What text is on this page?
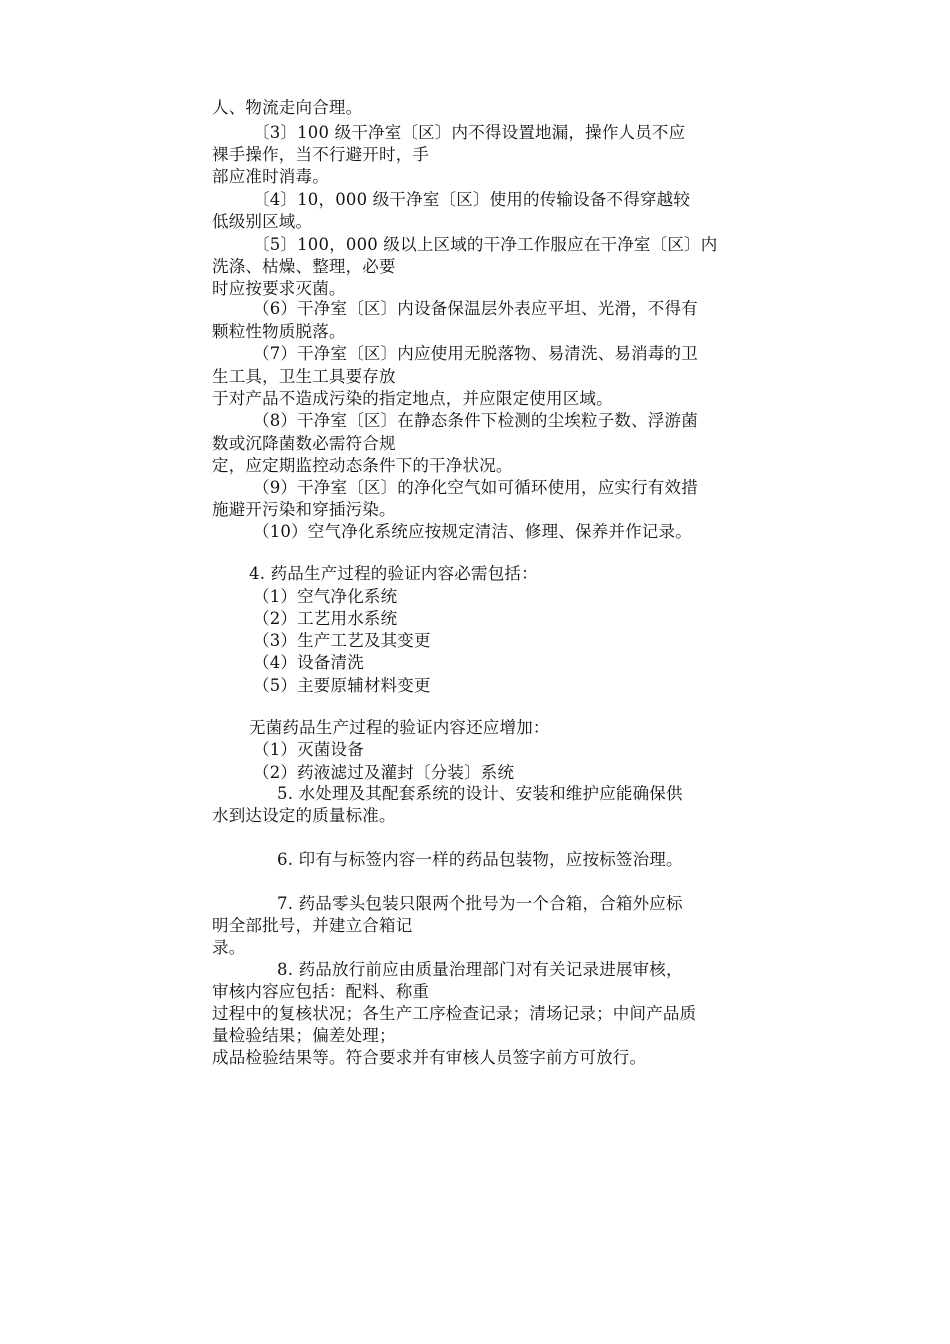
人、物流走向合理。
〔3〕100 级干净室〔区〕内不得设置地漏，操作人员不应
裸手操作，当不行避开时，手
部应准时消毒。
〔4〕10，000 级干净室〔区〕使用的传输设备不得穿越较
低级别区域。
〔5〕100，000 级以上区域的干净工作服应在干净室〔区〕内
洗涤、枯燥、整理，必要
时应按要求灭菌。
（6）干净室〔区〕内设备保温层外表应平坦、光滑，不得有
颗粒性物质脱落。
（7）干净室〔区〕内应使用无脱落物、易清洗、易消毒的卫
生工具，卫生工具要存放
于对产品不造成污染的指定地点，并应限定使用区域。
（8）干净室〔区〕在静态条件下检测的尘埃粒子数、浮游菌
数或沉降菌数必需符合规
定，应定期监控动态条件下的干净状况。
（9）干净室〔区〕的净化空气如可循环使用，应实行有效措
施避开污染和穿插污染。
（10）空气净化系统应按规定清洁、修理、保养并作记录。
4. 药品生产过程的验证内容必需包括：
（1）空气净化系统
（2）工艺用水系统
（3）生产工艺及其变更
（4）设备清洗
（5）主要原辅材料变更
无菌药品生产过程的验证内容还应增加：
（1）灭菌设备
（2）药液滤过及灌封〔分装〕系统
5. 水处理及其配套系统的设计、安装和维护应能确保供
水到达设定的质量标准。
6. 印有与标签内容一样的药品包装物，应按标签治理。
7. 药品零头包装只限两个批号为一个合箱，合箱外应标
明全部批号，并建立合箱记
录。
8. 药品放行前应由质量治理部门对有关记录进展审核，
审核内容应包括：配料、称重
过程中的复核状况；各生产工序检查记录；清场记录；中间产品质
量检验结果；偏差处理；
成品检验结果等。符合要求并有审核人员签字前方可放行。
